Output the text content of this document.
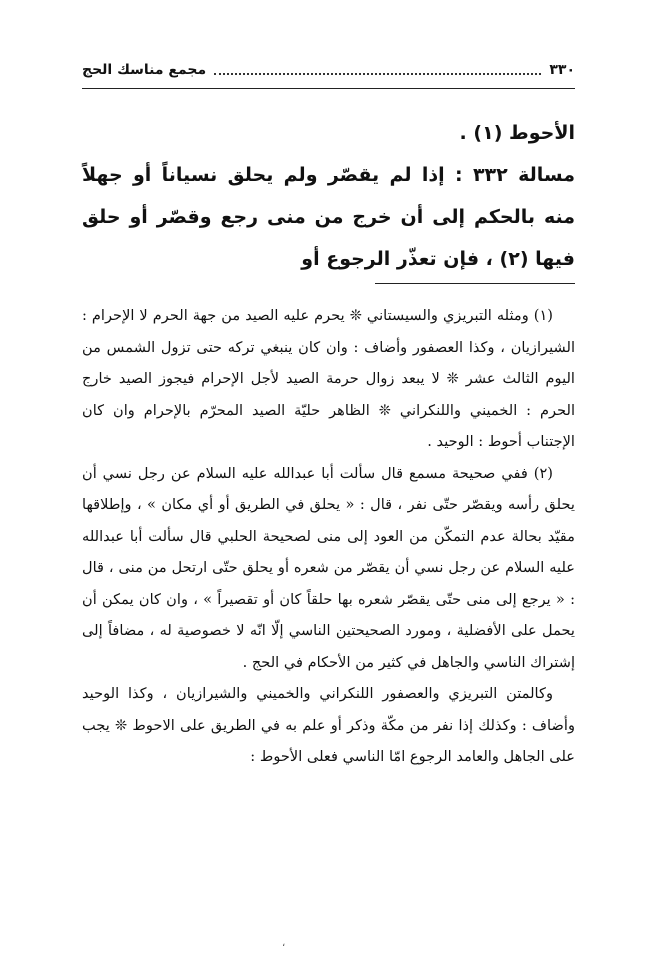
٣٣٠
مجمع مناسك الحج

الأحوط (١) .

مسالة ٣٣٢ : إذا لم يقصّر ولم يحلق نسياناً أو جهلاً منه بالحكم إلى أن خرج من منى رجع وقصّر أو حلق فيها (٢) ، فإن تعذّر الرجوع أو

(١) ومثله التبريزي والسيستاني ❊ يحرم عليه الصيد من جهة الحرم لا الإحرام : الشيرازيان ، وكذا العصفور وأضاف : وان كان ينبغي تركه حتى تزول الشمس من اليوم الثالث عشر ❊ لا يبعد زوال حرمة الصيد لأجل الإحرام فيجوز الصيد خارج الحرم : الخميني واللنكراني ❊ الظاهر حليّة الصيد المحرّم بالإحرام وان كان الإجتناب أحوط : الوحيد .

(٢) ففي صحيحة مسمع قال سألت أبا عبدالله عليه السلام عن رجل نسي أن يحلق رأسه ويقصّر حتّى نفر ، قال : « يحلق في الطريق أو أي مكان » ، وإطلاقها مقيّد بحالة عدم التمكّن من العود إلى منى لصحيحة الحلبي قال سألت أبا عبدالله عليه السلام عن رجل نسي أن يقصّر من شعره أو يحلق حتّى ارتحل من منى ، قال : « يرجع إلى منى حتّى يقصّر شعره بها حلقاً كان أو تقصيراً » ، وان كان يمكن أن يحمل على الأفضلية ، ومورد الصحيحتين الناسي إلّا انّه لا خصوصية له ، مضافاً إلى إشتراك الناسي والجاهل في كثير من الأحكام في الحج .

وكالمتن التبريزي والعصفور اللنكراني والخميني والشيرازيان ، وكذا الوحيد وأضاف : وكذلك إذا نفر من مكّة وذكر أو علم به في الطريق على الاحوط ❊ يجب على الجاهل والعامد الرجوع امّا الناسي فعلى الأحوط :

،
